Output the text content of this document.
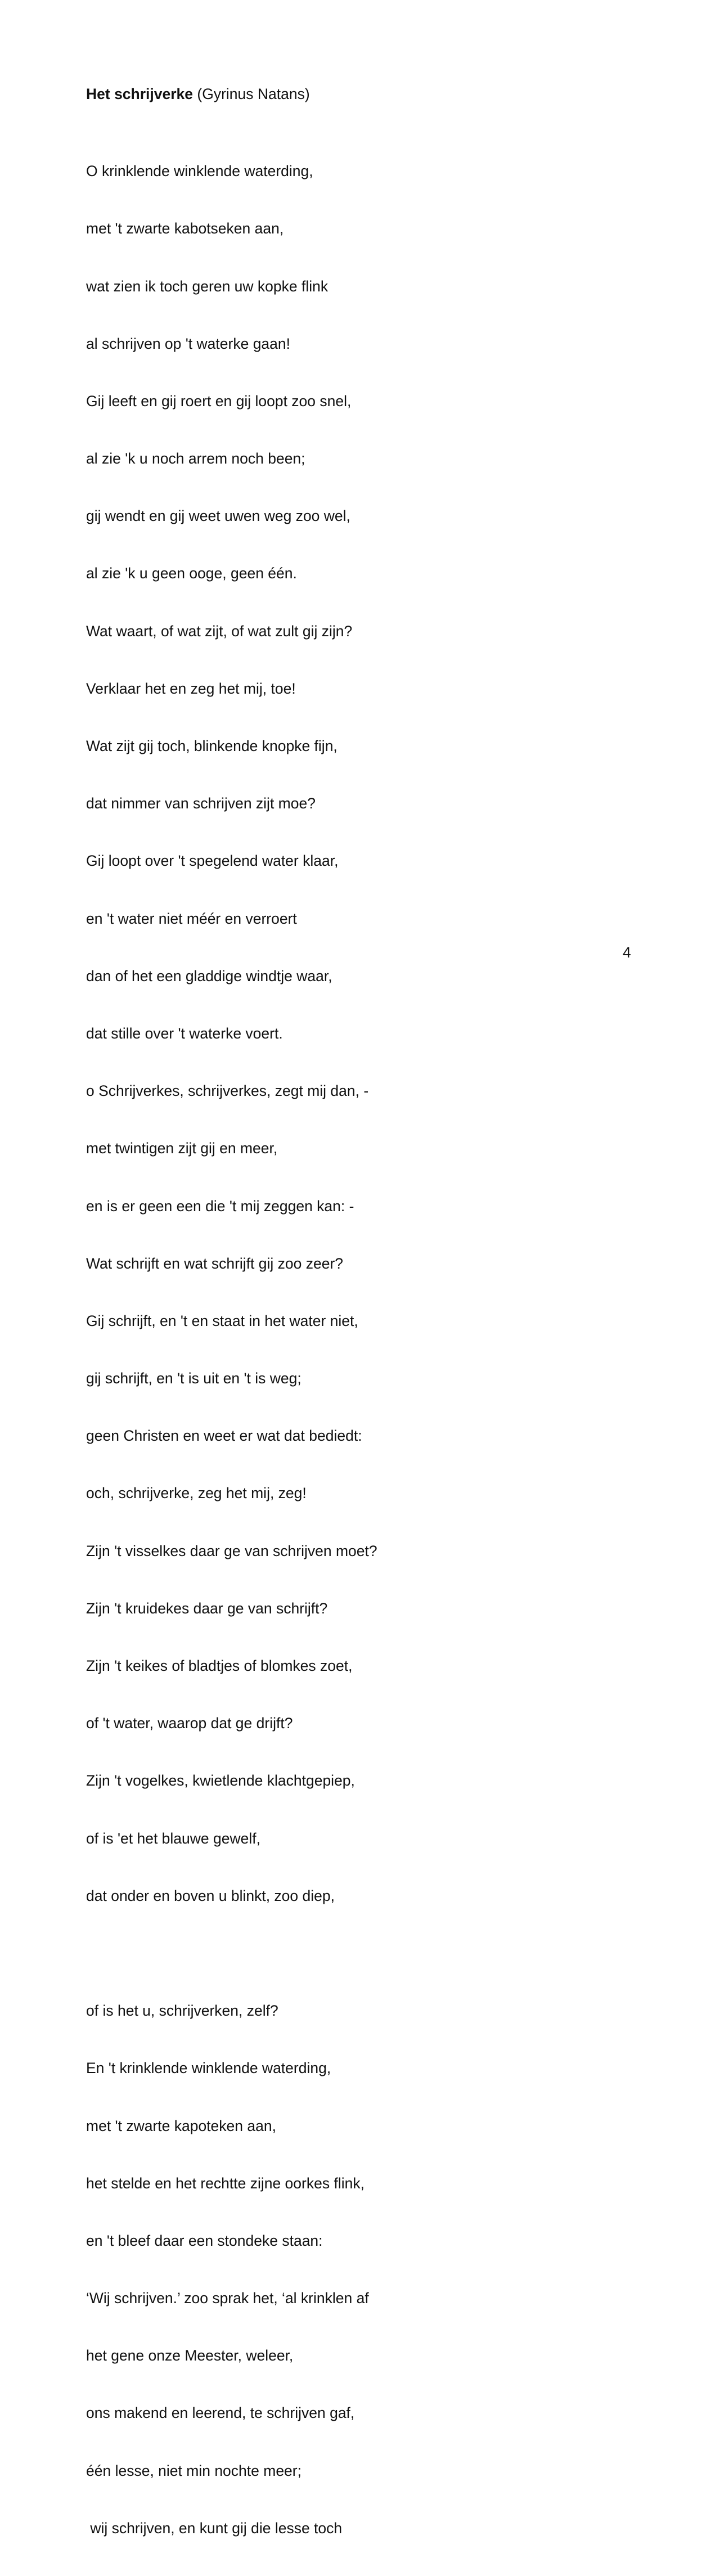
Het schrijverke (Gyrinus Natans)

O krinklende winklende waterding,

met 't zwarte kabotseken aan,

wat zien ik toch geren uw kopke flink

al schrijven op 't waterke gaan!

Gij leeft en gij roert en gij loopt zoo snel,

al zie 'k u noch arrem noch been;

gij wendt en gij weet uwen weg zoo wel,

al zie 'k u geen ooge, geen één.

Wat waart, of wat zijt, of wat zult gij zijn?

Verklaar het en zeg het mij, toe!

Wat zijt gij toch, blinkende knopke fijn,

dat nimmer van schrijven zijt moe?

Gij loopt over 't spegelend water klaar,

en 't water niet méér en verroert

dan of het een gladdige windtje waar,

dat stille over 't waterke voert.

o Schrijverkes, schrijverkes, zegt mij dan, -

met twintigen zijt gij en meer,

en is er geen een die 't mij zeggen kan: -

Wat schrijft en wat schrijft gij zoo zeer?

Gij schrijft, en 't en staat in het water niet,

gij schrijft, en 't is uit en 't is weg;

geen Christen en weet er wat dat bediedt:

och, schrijverke, zeg het mij, zeg!

Zijn 't visselkes daar ge van schrijven moet?

Zijn 't kruidekes daar ge van schrijft?

Zijn 't keikes of bladtjes of blomkes zoet,

of 't water, waarop dat ge drijft?

Zijn 't vogelkes, kwietlende klachtgepiep,

of is 'et het blauwe gewelf,

dat onder en boven u blinkt, zoo diep,

of is het u, schrijverken, zelf?

En 't krinklende winklende waterding,

met 't zwarte kapoteken aan,

het stelde en het rechtte zijne oorkes flink,

en 't bleef daar een stondeke staan:

‘Wij schrijven.’ zoo sprak het, ‘al krinklen af

het gene onze Meester, weleer,

ons makend en leerend, te schrijven gaf,

één lesse, niet min nochte meer;

wij schrijven, en kunt gij die lesse toch

4
